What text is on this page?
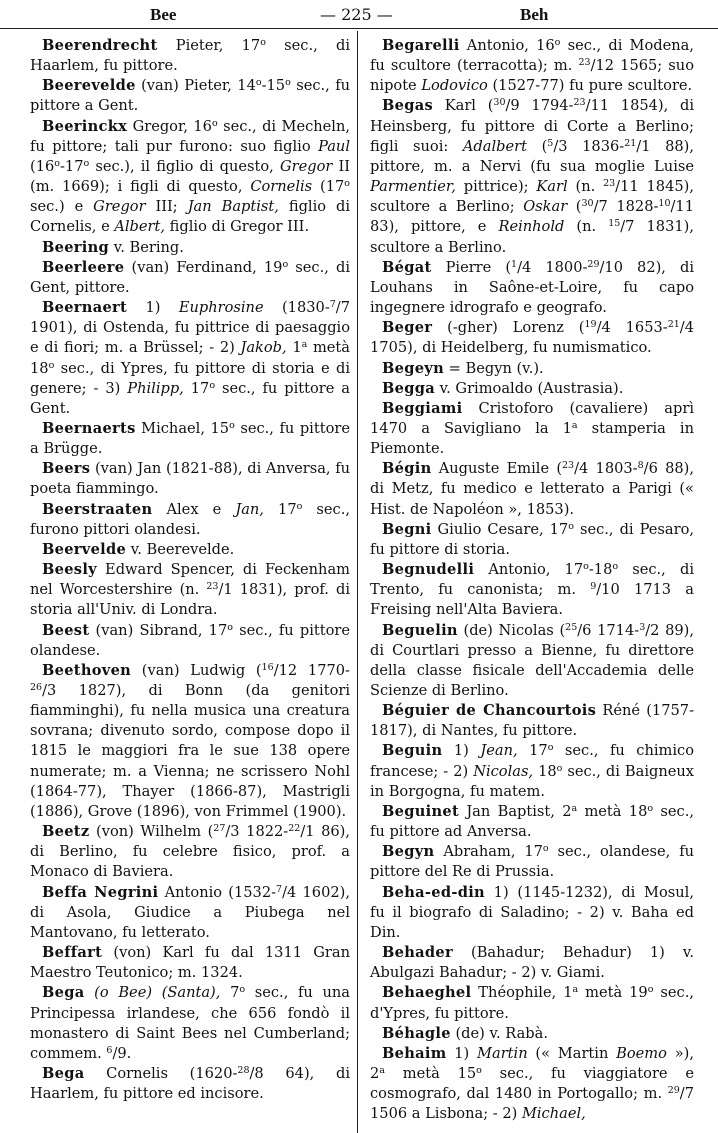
Bee	— 225 —	Beh

Beerendrecht Pieter, 17$^o$ sec., di Haarlem, fu pittore.

Beerevelde (van) Pieter, 14$^o$-15$^o$ sec., fu pittore a Gent.

Beerinckx Gregor, 16$^o$ sec., di Mecheln, fu pittore; tali pur furono: suo figlio Paul (16$^o$-17$^o$ sec.), il figlio di questo, Gregor II (m. 1669); i figli di questo, Cornelis (17$^o$ sec.) e Gregor III; Jan Baptist, figlio di Cornelis, e Albert, figlio di Gregor III.

Beering v. Bering.

Beerleere (van) Ferdinand, 19$^o$ sec., di Gent, pittore.

Beernaert 1) Euphrosine (1830-$^7$/7 1901), di Ostenda, fu pittrice di paesaggio e di fiori; m. a Brüssel; - 2) Jakob, 1$^a$ metà 18$^o$ sec., di Ypres, fu pittore di storia e di genere; - 3) Philipp, 17$^o$ sec., fu pittore a Gent.

Beernaerts Michael, 15$^o$ sec., fu pittore a Brügge.

Beers (van) Jan (1821-88), di Anversa, fu poeta fiammingo.

Beerstraaten Alex e Jan, 17$^o$ sec., furono pittori olandesi.

Beervelde v. Beerevelde.

Beesly Edward Spencer, di Feckenham nel Worcestershire (n. $^{23}$/1 1831), prof. di storia all'Univ. di Londra.

Beest (van) Sibrand, 17$^o$ sec., fu pittore olandese.

Beethoven (van) Ludwig ($^{16}$/12 1770-$^{26}$/3 1827), di Bonn (da genitori fiamminghi), fu nella musica una creatura sovrana; divenuto sordo, compose dopo il 1815 le maggiori fra le sue 138 opere numerate; m. a Vienna; ne scrissero Nohl (1864-77), Thayer (1866-87), Mastrigli (1886), Grove (1896), von Frimmel (1900).

Beetz (von) Wilhelm ($^{27}$/3 1822-$^{22}$/1 86), di Berlino, fu celebre fisico, prof. a Monaco di Baviera.

Beffa Negrini Antonio (1532-$^7$/4 1602), di Asola, Giudice a Piubega nel Mantovano, fu letterato.

Beffart (von) Karl fu dal 1311 Gran Maestro Teutonico; m. 1324.

Bega (o Bee) (Santa), 7$^o$ sec., fu una Principessa irlandese, che 656 fondò il monastero di Saint Bees nel Cumberland; commem. $^6$/9.

Bega Cornelis (1620-$^{28}$/8 64), di Haarlem, fu pittore ed incisore.

Begarelli Antonio, 16$^o$ sec., di Modena, fu scultore (terracotta); m. $^{23}$/12 1565; suo nipote Lodovico (1527-77) fu pure scultore.

Begas Karl ($^{30}$/9 1794-$^{23}$/11 1854), di Heinsberg, fu pittore di Corte a Berlino; figli suoi: Adalbert ($^5$/3 1836-$^{21}$/1 88), pittore, m. a Nervi (fu sua moglie Luise Parmentier, pittrice); Karl (n. $^{23}$/11 1845), scultore a Berlino; Oskar ($^{30}$/7 1828-$^{10}$/11 83), pittore, e Reinhold (n. $^{15}$/7 1831), scultore a Berlino.

Bégat Pierre ($^1$/4 1800-$^{29}$/10 82), di Louhans in Saône-et-Loire, fu capo ingegnere idrografo e geografo.

Beger (-gher) Lorenz ($^{19}$/4 1653-$^{21}$/4 1705), di Heidelberg, fu numismatico.

Begeyn = Begyn (v.).

Begga v. Grimoaldo (Austrasia).

Beggiami Cristoforo (cavaliere) aprì 1470 a Savigliano la 1$^a$ stamperia in Piemonte.

Bégin Auguste Emile ($^{23}$/4 1803-$^8$/6 88), di Metz, fu medico e letterato a Parigi (« Hist. de Napoléon », 1853).

Begni Giulio Cesare, 17$^o$ sec., di Pesaro, fu pittore di storia.

Begnudelli Antonio, 17$^o$-18$^o$ sec., di Trento, fu canonista; m. $^9$/10 1713 a Freising nell'Alta Baviera.

Beguelin (de) Nicolas ($^{25}$/6 1714-$^3$/2 89), di Courtlari presso a Bienne, fu direttore della classe fisicale dell'Accademia delle Scienze di Berlino.

Béguier de Chancourtois Réné (1757-1817), di Nantes, fu pittore.

Beguin 1) Jean, 17$^o$ sec., fu chimico francese; - 2) Nicolas, 18$^o$ sec., di Baigneux in Borgogna, fu matem.

Beguinet Jan Baptist, 2$^a$ metà 18$^o$ sec., fu pittore ad Anversa.

Begyn Abraham, 17$^o$ sec., olandese, fu pittore del Re di Prussia.

Beha-ed-din 1) (1145-1232), di Mosul, fu il biografo di Saladino; - 2) v. Baha ed Din.

Behader (Bahadur; Behadur) 1) v. Abulgazi Bahadur; - 2) v. Giami.

Behaeghel Théophile, 1$^a$ metà 19$^o$ sec., d'Ypres, fu pittore.

Béhagle (de) v. Rabà.

Behaim 1) Martin (« Martin Boemo »), 2$^a$ metà 15$^o$ sec., fu viaggiatore e cosmografo, dal 1480 in Portogallo; m. $^{29}$/7 1506 a Lisbona; - 2) Michael,
